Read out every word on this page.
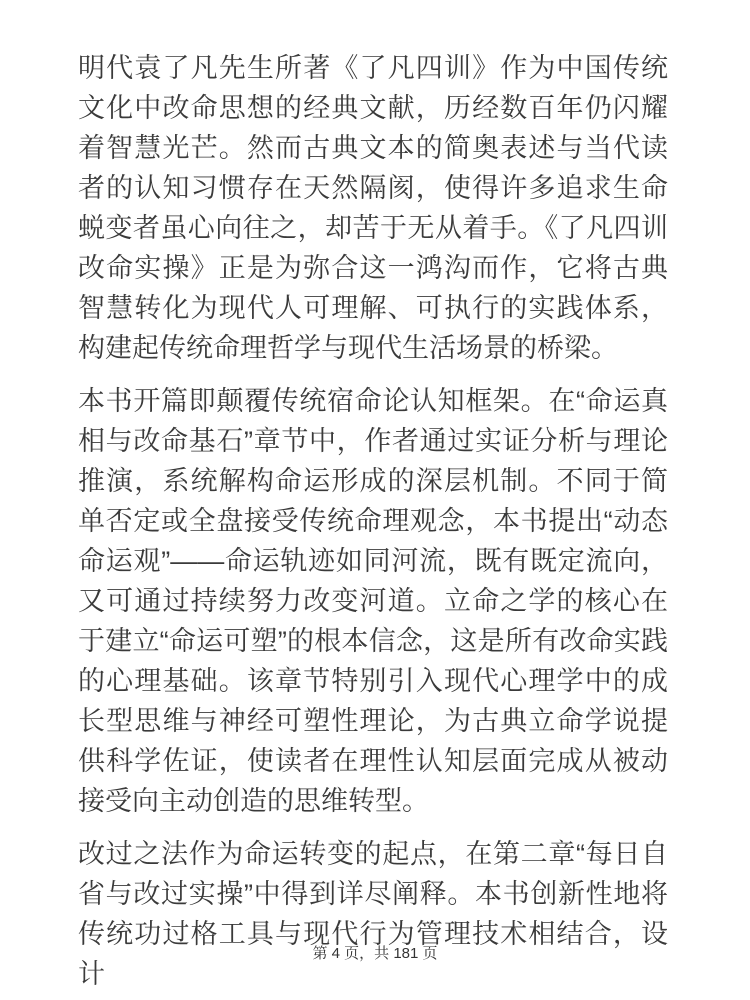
明代袁了凡先生所著《了凡四训》作为中国传统文化中改命思想的经典文献，历经数百年仍闪耀着智慧光芒。然而古典文本的简奥表述与当代读者的认知习惯存在天然隔阂，使得许多追求生命蜕变者虽心向往之，却苦于无从着手。《了凡四训改命实操》正是为弥合这一鸿沟而作，它将古典智慧转化为现代人可理解、可执行的实践体系，构建起传统命理哲学与现代生活场景的桥梁。

本书开篇即颠覆传统宿命论认知框架。在“命运真相与改命基石”章节中，作者通过实证分析与理论推演，系统解构命运形成的深层机制。不同于简单否定或全盘接受传统命理观念，本书提出“动态命运观”——命运轨迹如同河流，既有既定流向，又可通过持续努力改变河道。立命之学的核心在于建立“命运可塑”的根本信念，这是所有改命实践的心理基础。该章节特别引入现代心理学中的成长型思维与神经可塑性理论，为古典立命学说提供科学佐证，使读者在理性认知层面完成从被动接受向主动创造的思维转型。

改过之法作为命运转变的起点，在第二章“每日自省与改过实操”中得到详尽阐释。本书创新性地将传统功过格工具与现代行为管理技术相结合，设计

第 4 页，共 181 页
